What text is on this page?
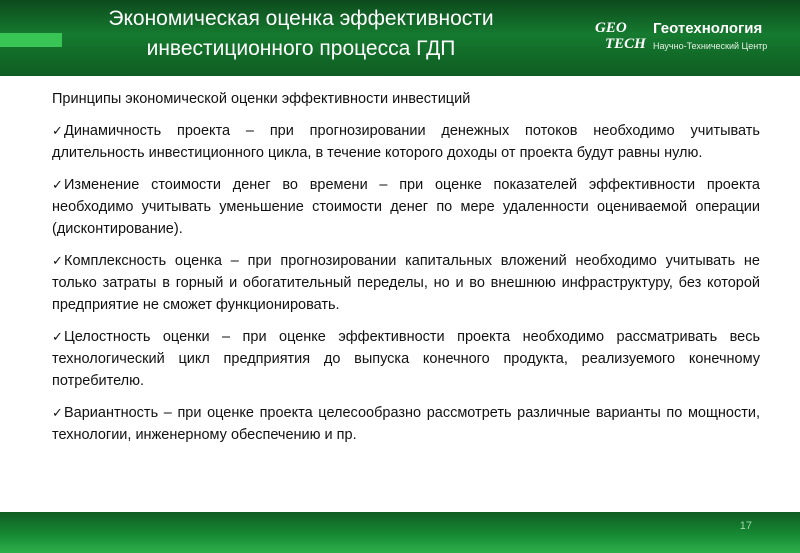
Экономическая оценка эффективности
инвестиционного процесса ГДП
GEO
TECH
Геотехнология
Научно-Технический Центр
Принципы экономической оценки эффективности инвестиций
✓Динамичность проекта – при прогнозировании денежных потоков необходимо учитывать длительность инвестиционного цикла, в течение которого доходы от проекта будут равны нулю.
✓Изменение стоимости денег во времени – при оценке показателей эффективности проекта необходимо учитывать уменьшение стоимости денег по мере удаленности оцениваемой операции (дисконтирование).
✓Комплексность оценка – при прогнозировании капитальных вложений необходимо учитывать не только затраты в горный и обогатительный переделы, но и во внешнюю инфраструктуру, без которой предприятие не сможет функционировать.
✓Целостность оценки – при оценке эффективности проекта необходимо рассматривать весь технологический цикл предприятия до выпуска конечного продукта, реализуемого конечному потребителю.
✓Вариантность – при оценке проекта целесообразно рассмотреть различные варианты по мощности, технологии, инженерному обеспечению и пр.
17
